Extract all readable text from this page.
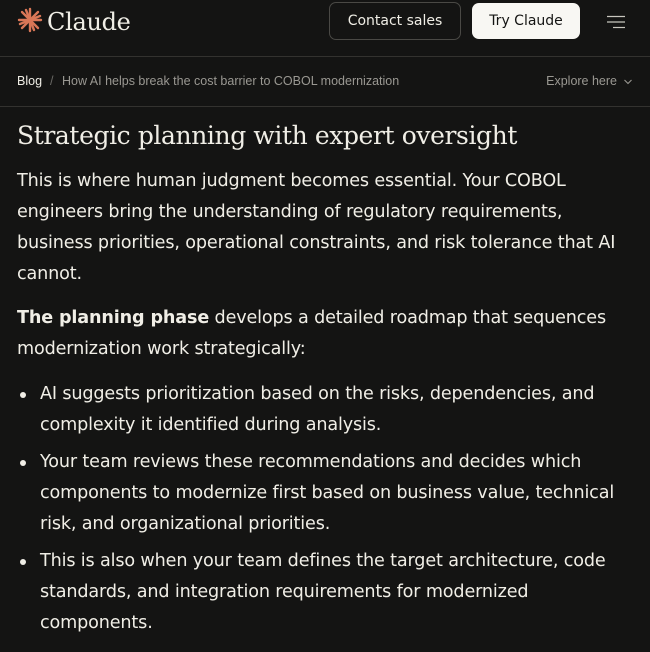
Claude	Contact sales	Try Claude
Blog / How AI helps break the cost barrier to COBOL modernization	Explore here
Strategic planning with expert oversight

This is where human judgment becomes essential. Your COBOL engineers bring the understanding of regulatory requirements, business priorities, operational constraints, and risk tolerance that AI cannot.

The planning phase develops a detailed roadmap that sequences modernization work strategically:

AI suggests prioritization based on the risks, dependencies, and complexity it identified during analysis.
Your team reviews these recommendations and decides which components to modernize first based on business value, technical risk, and organizational priorities.
This is also when your team defines the target architecture, code standards, and integration requirements for modernized components.
